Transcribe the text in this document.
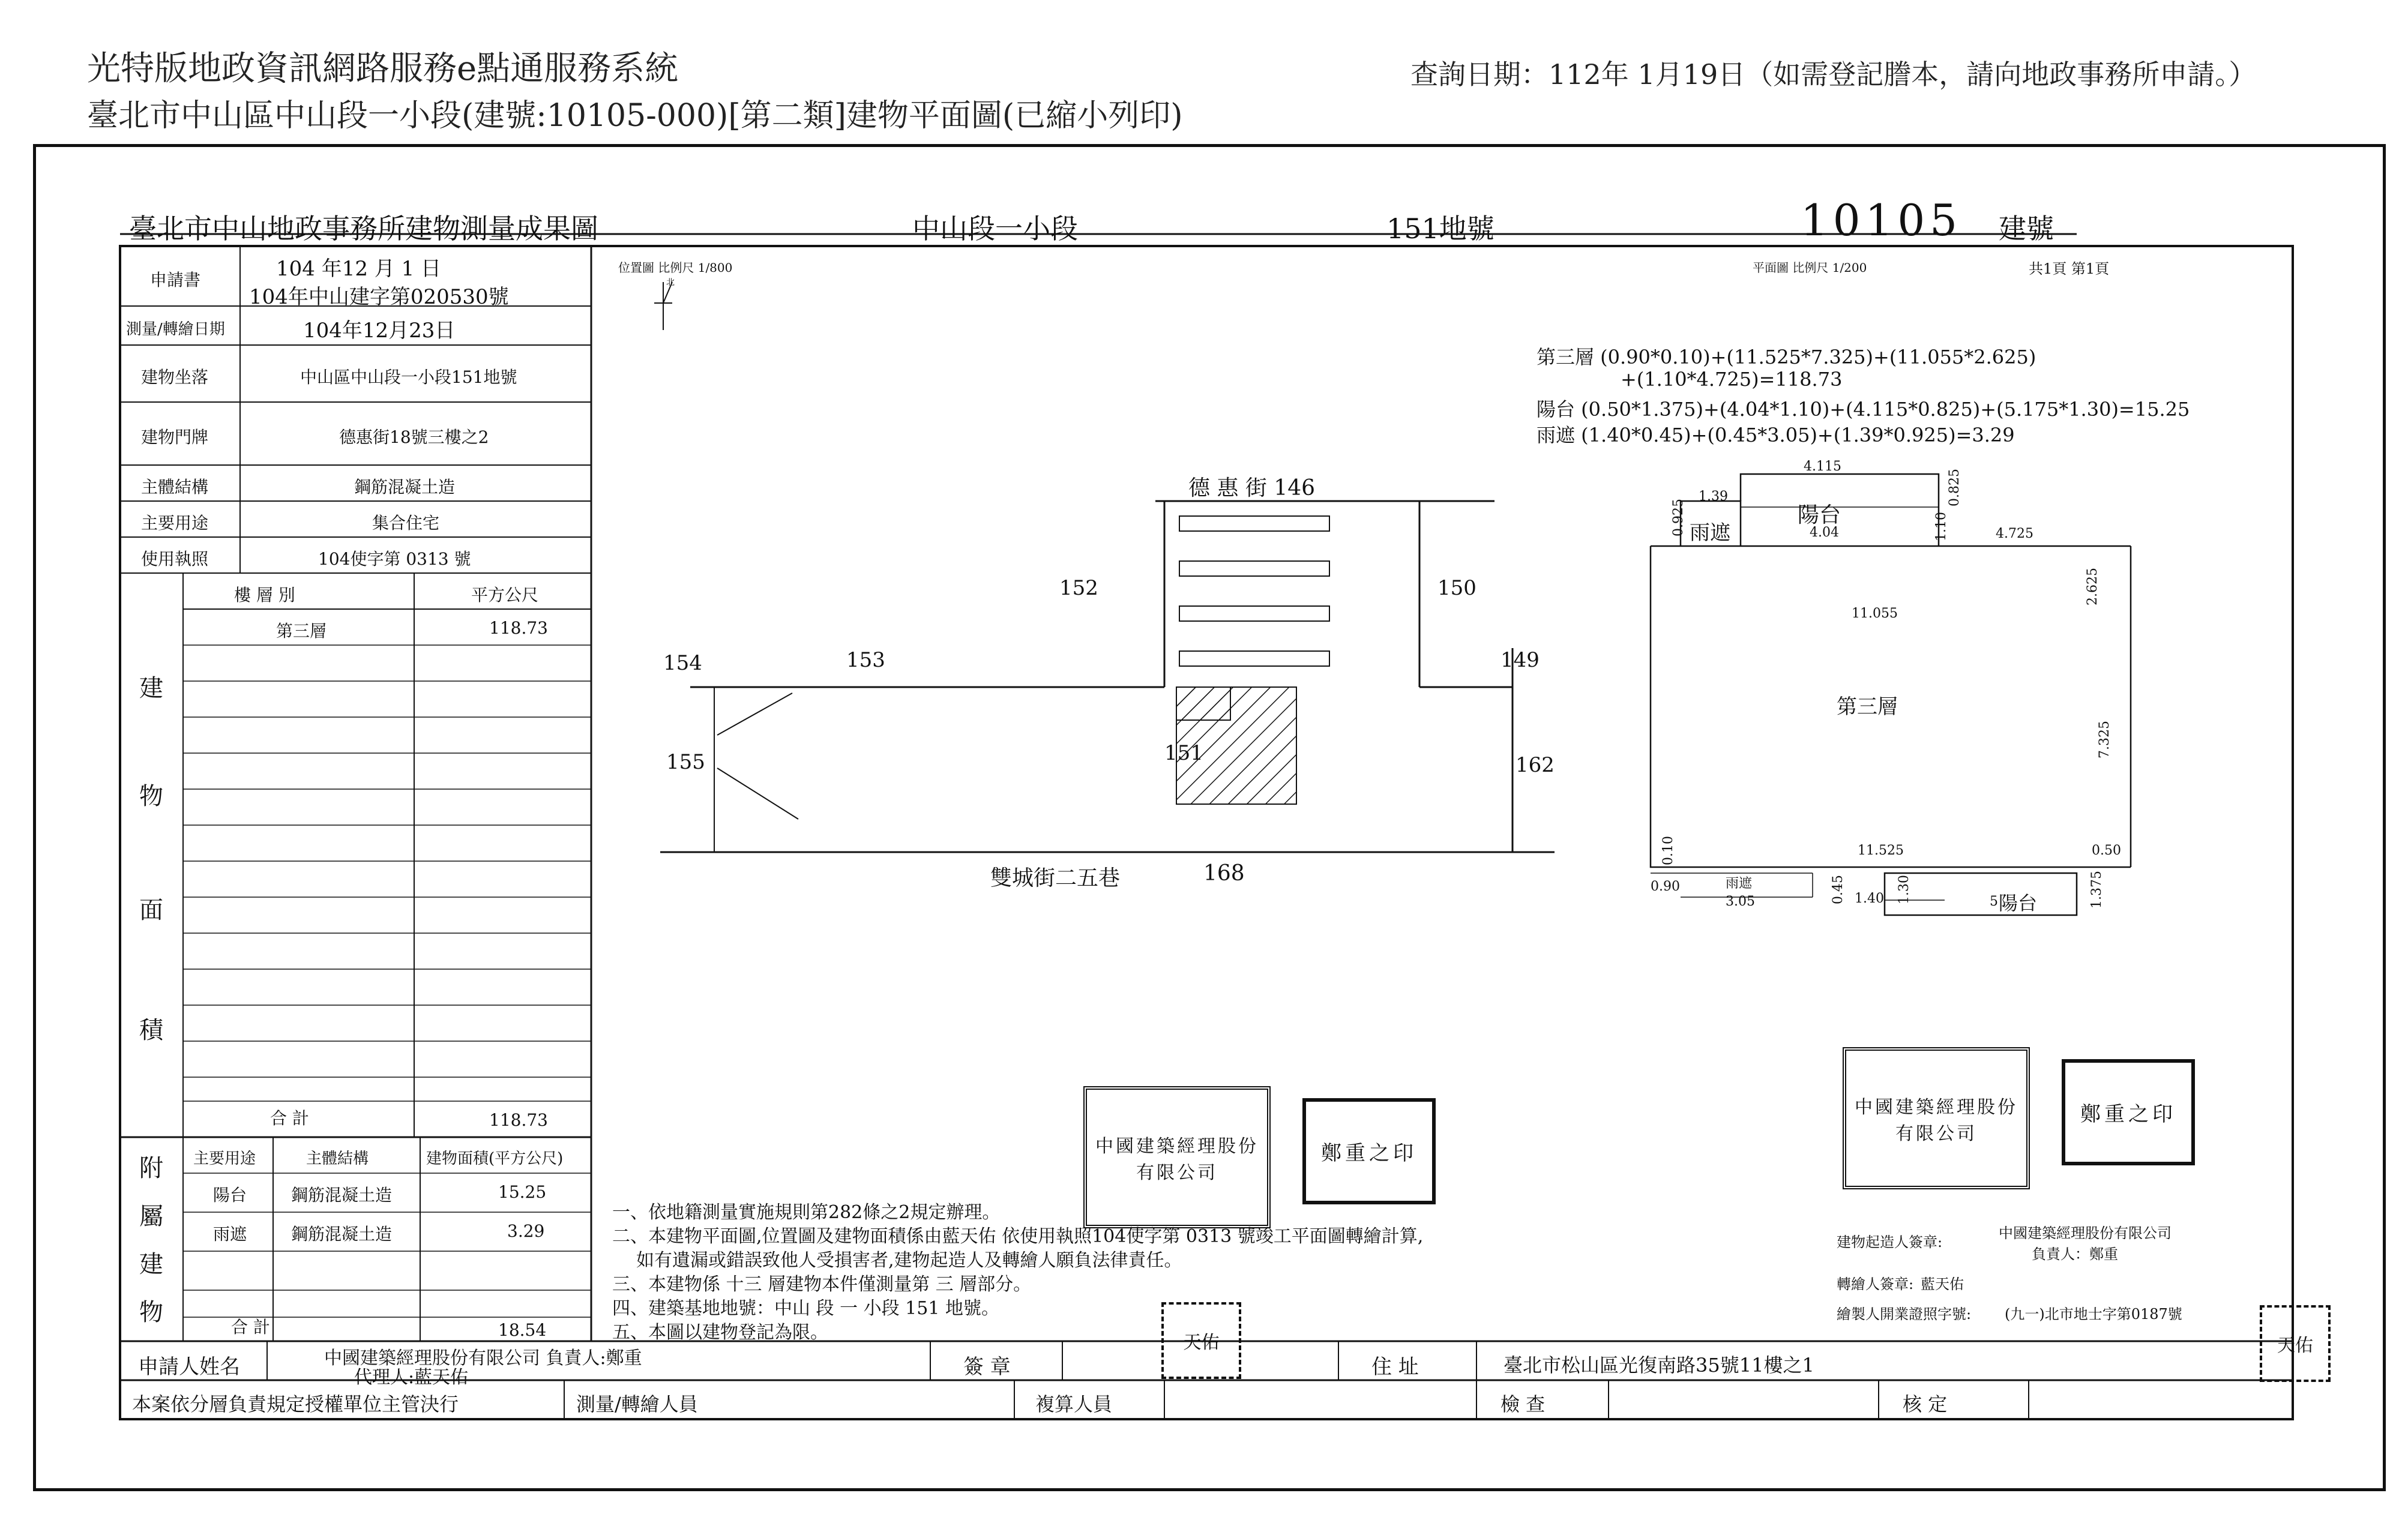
光特版地政資訊網路服務e點通服務系統	查詢日期：112年 1月19日（如需登記謄本，請向地政事務所申請。）
臺北市中山區中山段一小段(建號:10105-000)[第二類]建物平面圖(已縮小列印)
臺北市中山地政事務所建物測量成果圖	中山段一小段	151地號	10105 建號
申請書	104 年12 月 1 日
104年中山建字第020530號
測量/轉繪日期	104年12月23日
建物坐落	中山區中山段一小段151地號
建物門牌	德惠街18號三樓之2
主體結構	鋼筋混凝土造
主要用途	集合住宅
使用執照	104使字第 0313 號
樓 層 別	平方公尺
第三層	118.73
合 計	118.73
建
物
面
積
主要用途	主體結構	建物面積(平方公尺)
陽台	鋼筋混凝土造	15.25
雨遮	鋼筋混凝土造	3.29
合 計	18.54
附
屬
建
物
位置圖 比例尺 1/800
北
平面圖 比例尺 1/200	共1頁 第1頁
德 惠 街 146
雙城街二五巷
152	150
154	153	149
155	151	162
168
第三層 (0.90*0.10)+(11.525*7.325)+(11.055*2.625)
+(1.10*4.725)=118.73
陽台 (0.50*1.375)+(4.04*1.10)+(4.115*0.825)+(5.175*1.30)=15.25
雨遮 (1.40*0.45)+(0.45*3.05)+(1.39*0.925)=3.29
第三層
陽台
雨遮
陽台
雨遮
4.115
1.39
0.925
0.825
4.04	1.10	4.725
2.625
11.055
7.325
11.525	0.50
0.10
0.90
3.05	0.45 1.40 1.30	1.375
5
中國建築經理股份有限公司
鄭重之印
中國建築經理股份有限公司
鄭重之印
天佑	天佑
一、依地籍測量實施規則第282條之2規定辦理。
二、本建物平面圖,位置圖及建物面積係由藍天佑 依使用執照104使字第 0313 號竣工平面圖轉繪計算,
如有遺漏或錯誤致他人受損害者,建物起造人及轉繪人願負法律責任。
三、本建物係 十三 層建物本件僅測量第 三 層部分。
四、建築基地地號：中山 段 一 小段 151 地號。
五、本圖以建物登記為限。
建物起造人簽章:
中國建築經理股份有限公司
負責人：鄭重
轉繪人簽章: 藍天佑
繪製人開業證照字號: (九一)北市地士字第0187號
申請人姓名	中國建築經理股份有限公司 負責人:鄭重
代理人:藍天佑	簽 章	住 址	臺北市松山區光復南路35號11樓之1
本案依分層負責規定授權單位主管決行	測量/轉繪人員	複算人員	檢 查	核 定
